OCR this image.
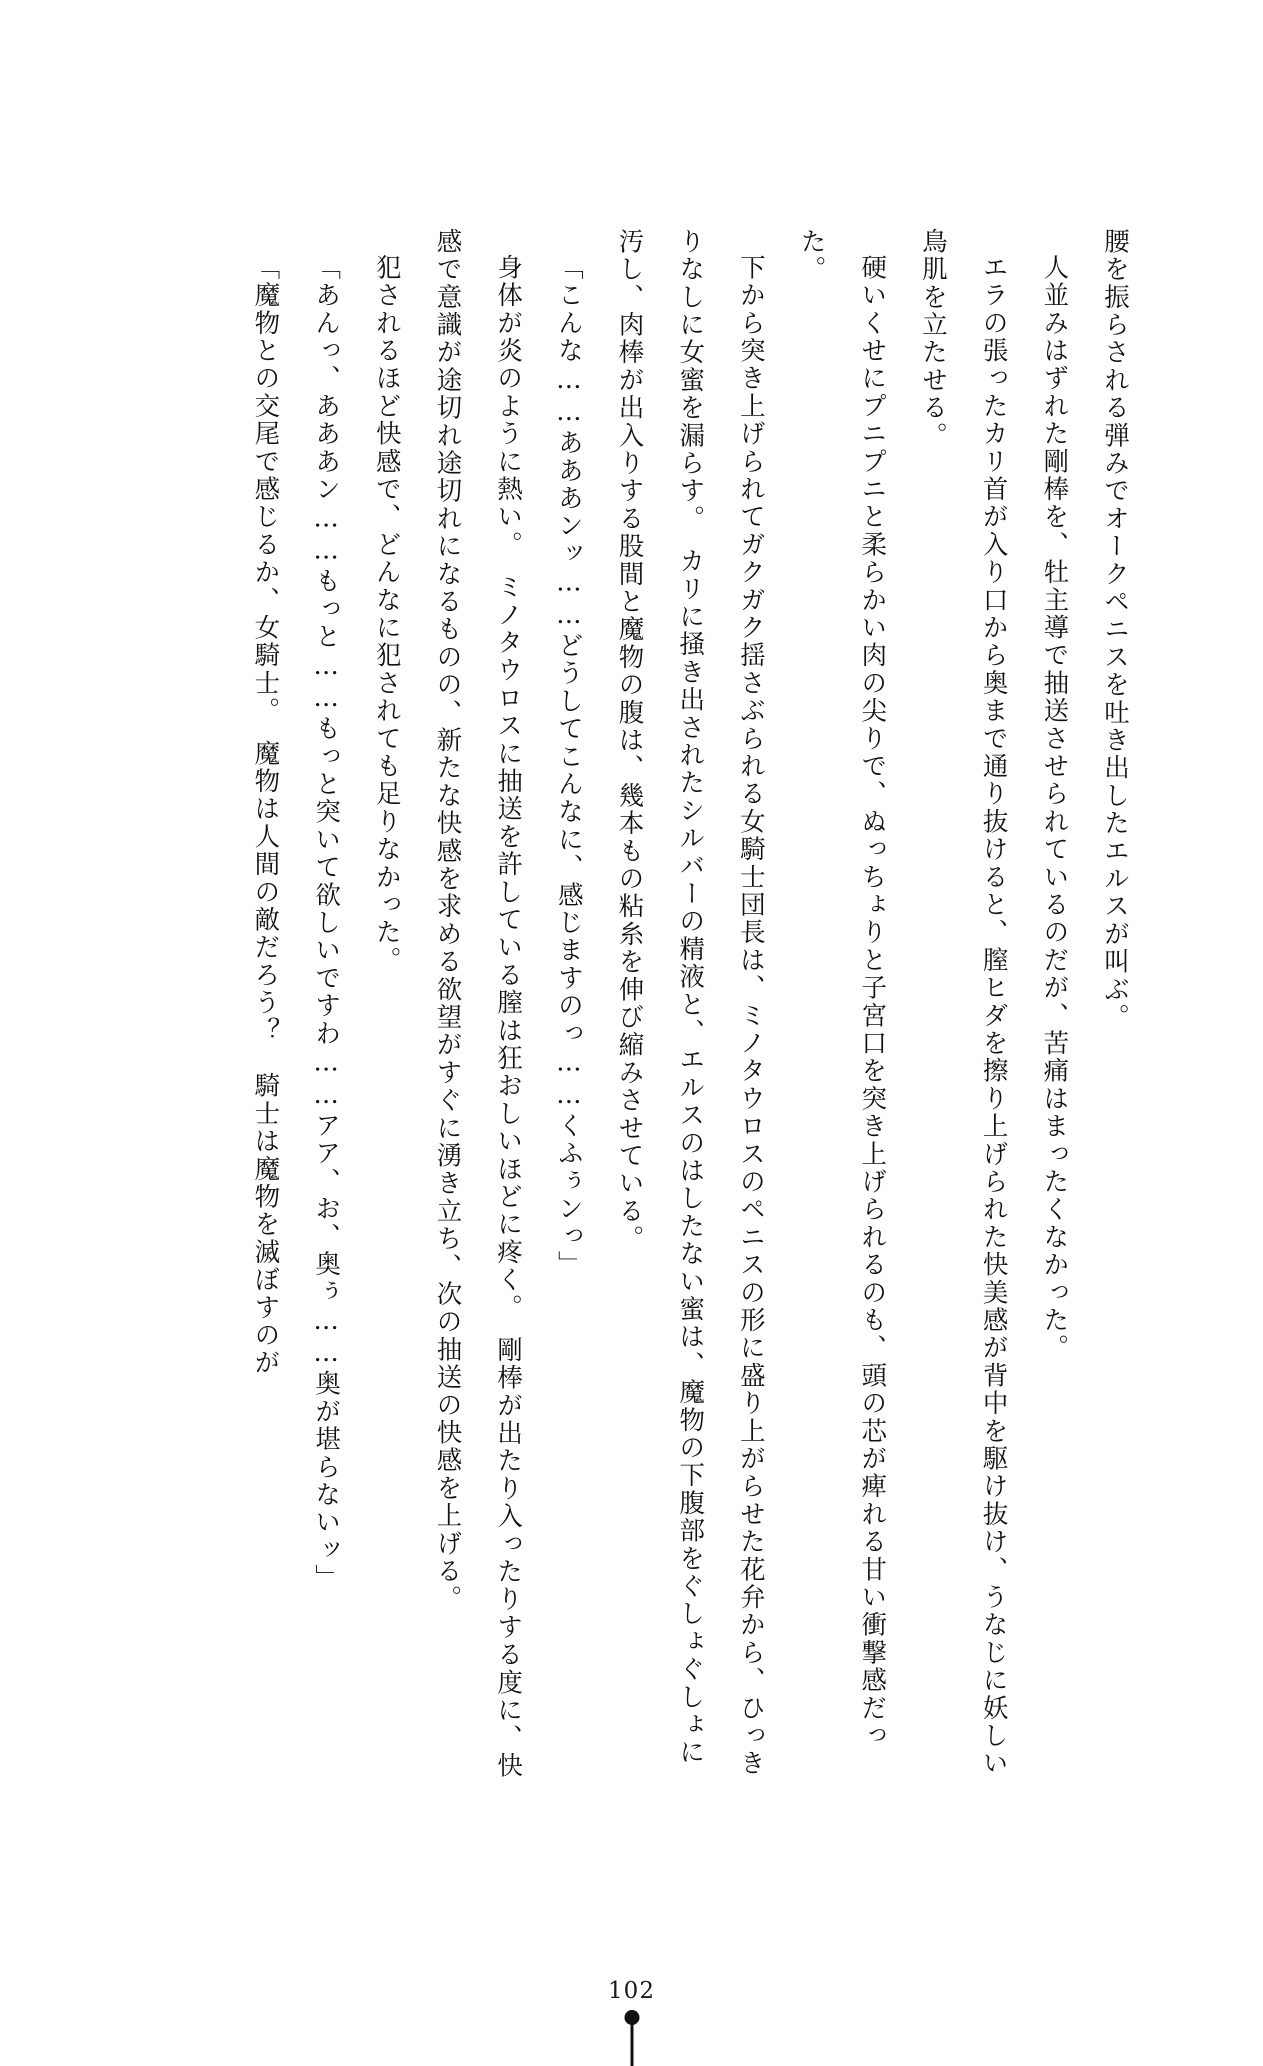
腰を振らされる弾みでオークペニスを吐き出したエルスが叫ぶ。

人並みはずれた剛棒を、牡主導で抽送させられているのだが、苦痛はまったくなかった。

エラの張ったカリ首が入り口から奥まで通り抜けると、膣ヒダを擦り上げられた快美感が背中を駆け抜け、うなじに妖しい鳥肌を立たせる。

硬いくせにプニプニと柔らかい肉の尖りで、ぬっちょりと子宮口を突き上げられるのも、頭の芯が痺れる甘い衝撃感だった。

下から突き上げられてガクガク揺さぶられる女騎士団長は、ミノタウロスのペニスの形に盛り上がらせた花弁から、ひっきりなしに女蜜を漏らす。　カリに掻き出されたシルバーの精液と、エルスのはしたない蜜は、魔物の下腹部をぐしょぐしょに汚し、肉棒が出入りする股間と魔物の腹は、幾本もの粘糸を伸び縮みさせている。

「こんな……あああンッ……どうしてこんなに、感じますのっ……くふぅンっ」

身体が炎のように熱い。　ミノタウロスに抽送を許している膣は狂おしいほどに疼く。　剛棒が出たり入ったりする度に、快感で意識が途切れ途切れになるものの、新たな快感を求める欲望がすぐに湧き立ち、次の抽送の快感を上げる。

犯されるほど快感で、どんなに犯されても足りなかった。

「あんっ、あああン……もっと……もっと突いて欲しいですわ……アア、お、奥ぅ……奥が堪らないッ」

「魔物との交尾で感じるか、女騎士。　魔物は人間の敵だろう？　騎士は魔物を滅ぼすのが

102
